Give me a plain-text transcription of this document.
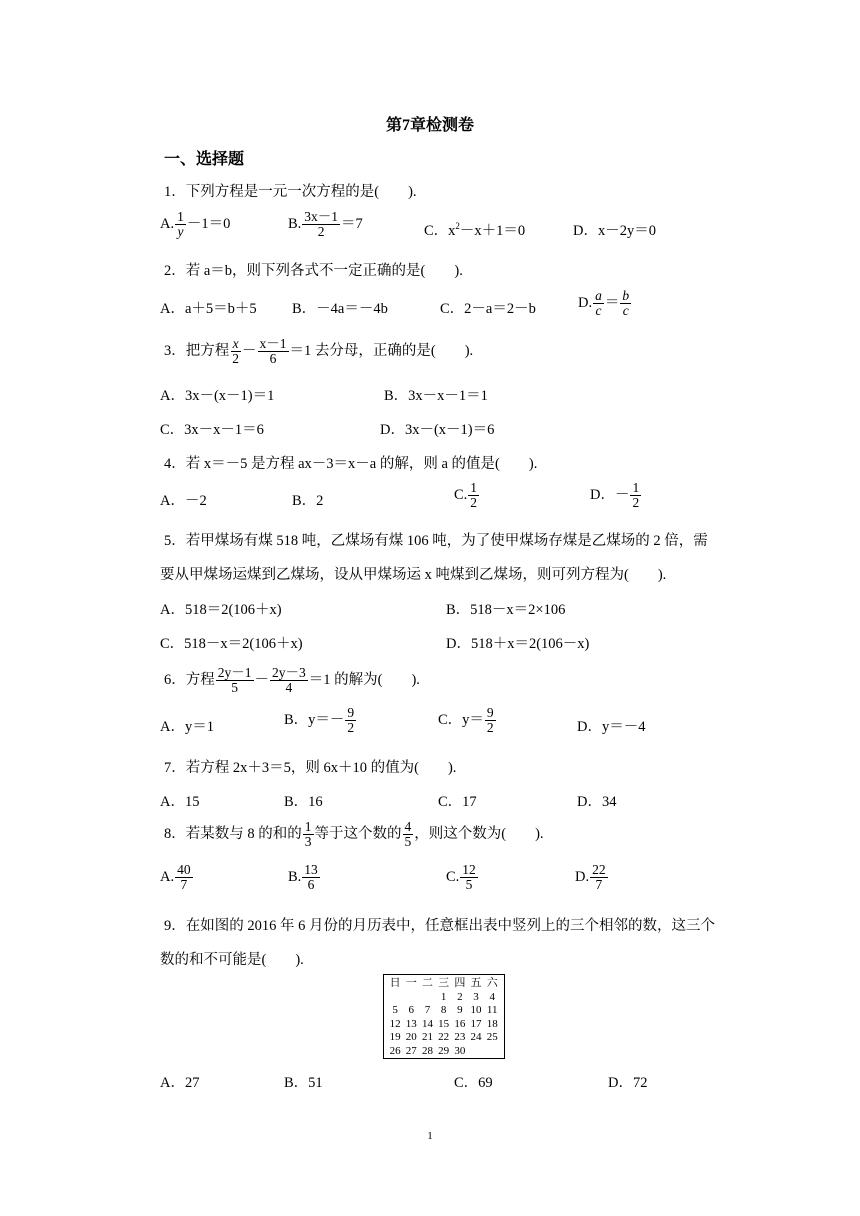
第7章检测卷
一、选择题
1．下列方程是一元一次方程的是(　　).
A. $\frac{1}{y} -1=0$	B. $\frac{3x-1}{2} =7$	C．$x^2-x+1=0$	D．x－2y＝0
2．若 a＝b，则下列各式不一定正确的是(　　).
A．a＋5＝b＋5 B．－4a＝－4b	C．2－a＝2－b	D. $\frac{a}{c} = \frac{b}{c}$
3．把方程 $\frac{x}{2} - \frac{x-1}{6} =1$ 去分母，正确的是(　　).
A．3x－(x－1)＝1	B．3x－x－1＝1
C．3x－x－1＝6	D．3x－(x－1)＝6
4．若 x＝－5 是方程 ax－3＝x－a 的解，则 a 的值是(　　).
A．－2	B．2	C. $\frac{1}{2}$	D．－ $\frac{1}{2}$
5．若甲煤场有煤 518 吨，乙煤场有煤 106 吨，为了使甲煤场存煤是乙煤场的 2 倍，需
要从甲煤场运煤到乙煤场，设从甲煤场运 x 吨煤到乙煤场，则可列方程为(　　).
A．518＝2(106＋x)	B．518－x＝2×106
C．518－x＝2(106＋x)	D．518＋x＝2(106－x)
6．方程 $\frac{2y-1}{5} - \frac{2y-3}{4} =1$ 的解为(　　).
A．y＝1	B．$y=- \frac{9}{2}$	C．$y= \frac{9}{2}$	D．y＝－4
7．若方程 2x＋3＝5，则 6x＋10 的值为(　　).
A．15	B．16	C．17	D．34
8．若某数与 8 的和的 $\frac{1}{3}$ 等于这个数的 $\frac{4}{5}$ ，则这个数为(　　).
A. $\frac{40}{7}$	B. $\frac{13}{6}$	C. $\frac{12}{5}$	D. $\frac{22}{7}$
9．在如图的 2016 年 6 月份的月历表中，任意框出表中竖列上的三个相邻的数，这三个
数的和不可能是(　　).
日	一	二	三	四	五	六
			1	2	3	4
5	6	7	8	9	10	11
12	13	14	15	16	17	18
19	20	21	22	23	24	25
26	27	28	29	30		
A．27	B．51	C．69	D．72
1
